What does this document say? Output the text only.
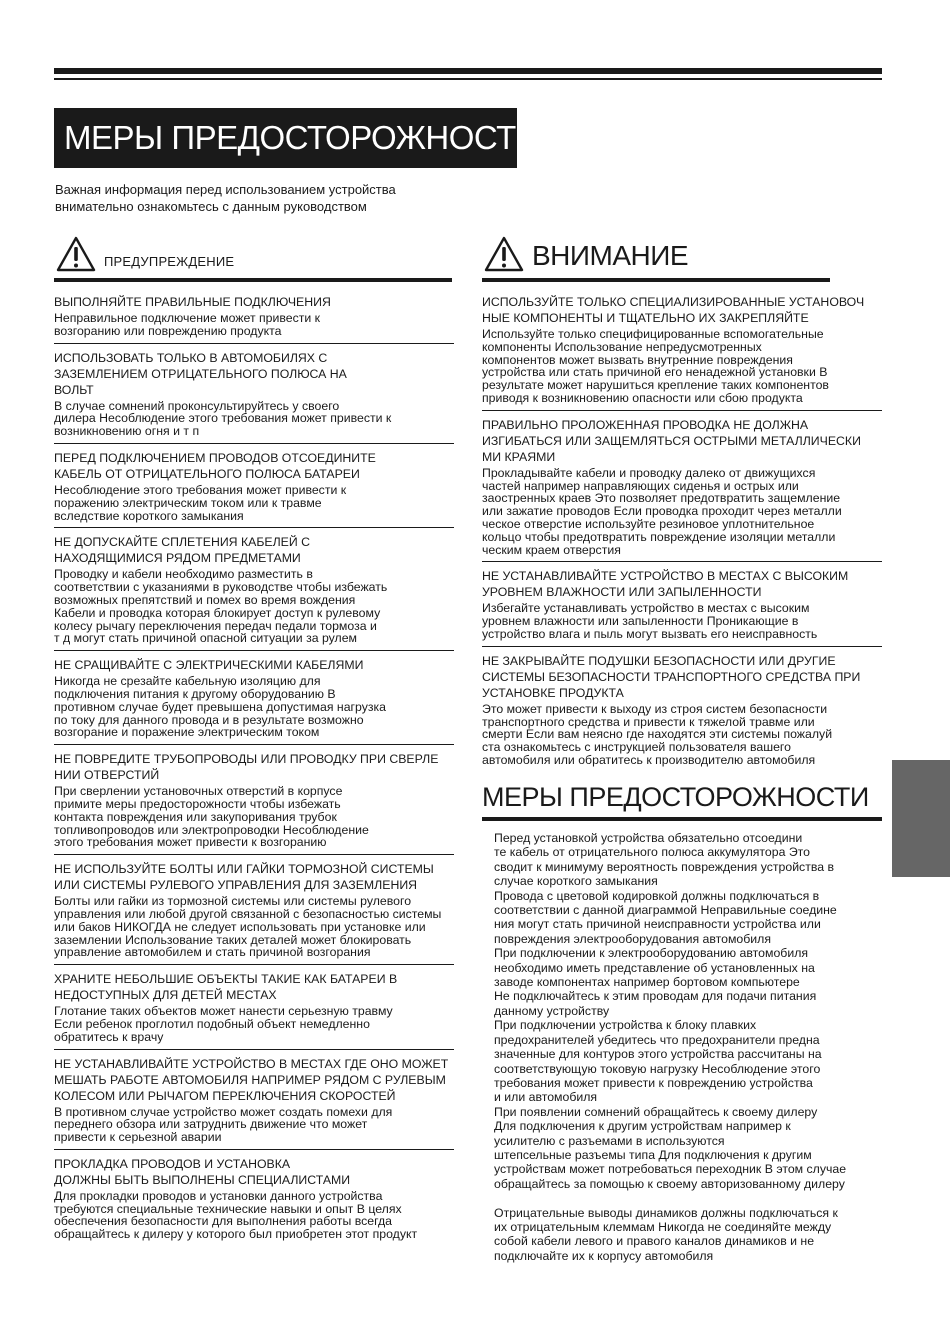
МЕРЫ ПРЕДОСТОРОЖНОСТИ
Важная информация перед использованием устройства
внимательно ознакомьтесь с данным руководством
ПРЕДУПРЕЖДЕНИЕ
ВЫПОЛНЯЙТЕ ПРАВИЛЬНЫЕ ПОДКЛЮЧЕНИЯ
Неправильное подключение может привести к
возгоранию или повреждению продукта
ИСПОЛЬЗОВАТЬ ТОЛЬКО В АВТОМОБИЛЯХ С
ЗАЗЕМЛЕНИЕМ ОТРИЦАТЕЛЬНОГО ПОЛЮСА НА
ВОЛЬТ
В случае сомнений проконсультируйтесь у своего
дилера Несоблюдение этого требования может привести к
возникновению огня и т п
ПЕРЕД ПОДКЛЮЧЕНИЕМ ПРОВОДОВ ОТСОЕДИНИТЕ
КАБЕЛЬ ОТ ОТРИЦАТЕЛЬНОГО ПОЛЮСА БАТАРЕИ
Несоблюдение этого требования может привести к
поражению электрическим током или к травме
вследствие короткого замыкания
НЕ ДОПУСКАЙТЕ СПЛЕТЕНИЯ КАБЕЛЕЙ С
НАХОДЯЩИМИСЯ РЯДОМ ПРЕДМЕТАМИ
Проводку и кабели необходимо разместить в
соответствии с указаниями в руководстве чтобы избежать
возможных препятствий и помех во время вождения
Кабели и проводка которая блокирует доступ к рулевому
колесу рычагу переключения передач педали тормоза и
т д могут стать причиной опасной ситуации за рулем
НЕ СРАЩИВАЙТЕ С ЭЛЕКТРИЧЕСКИМИ КАБЕЛЯМИ
Никогда не срезайте кабельную изоляцию для
подключения питания к другому оборудованию В
противном случае будет превышена допустимая нагрузка
по току для данного провода и в результате возможно
возгорание и поражение электрическим током
НЕ ПОВРЕДИТЕ ТРУБОПРОВОДЫ ИЛИ ПРОВОДКУ ПРИ СВЕРЛЕ
НИИ ОТВЕРСТИЙ
При сверлении установочных отверстий в корпусе
примите меры предосторожности чтобы избежать
контакта повреждения или закупоривания трубок
топливопроводов или электропроводки Несоблюдение
этого требования может привести к возгоранию
НЕ ИСПОЛЬЗУЙТЕ БОЛТЫ ИЛИ ГАЙКИ ТОРМОЗНОЙ СИСТЕМЫ
ИЛИ СИСТЕМЫ РУЛЕВОГО УПРАВЛЕНИЯ ДЛЯ ЗАЗЕМЛЕНИЯ
Болты или гайки из тормозной системы или системы рулевого
управления или любой другой связанной с безопасностью системы
или баков НИКОГДА не следует использовать при установке или
заземлении Использование таких деталей может блокировать
управление автомобилем и стать причиной возгорания
ХРАНИТЕ НЕБОЛЬШИЕ ОБЪЕКТЫ ТАКИЕ КАК БАТАРЕИ В
НЕДОСТУПНЫХ ДЛЯ ДЕТЕЙ МЕСТАХ
Глотание таких объектов может нанести серьезную травму
Если ребенок проглотил подобный объект немедленно
обратитесь к врачу
НЕ УСТАНАВЛИВАЙТЕ УСТРОЙСТВО В МЕСТАХ ГДЕ ОНО МОЖЕТ
МЕШАТЬ РАБОТЕ АВТОМОБИЛЯ НАПРИМЕР РЯДОМ С РУЛЕВЫМ
КОЛЕСОМ ИЛИ РЫЧАГОМ ПЕРЕКЛЮЧЕНИЯ СКОРОСТЕЙ
В противном случае устройство может создать помехи для
переднего обзора или затруднить движение что может
привести к серьезной аварии
ПРОКЛАДКА ПРОВОДОВ И УСТАНОВКА
ДОЛЖНЫ БЫТЬ ВЫПОЛНЕНЫ СПЕЦИАЛИСТАМИ
Для прокладки проводов и установки данного устройства
требуются специальные технические навыки и опыт В целях
обеспечения безопасности для выполнения работы всегда
обращайтесь к дилеру у которого был приобретен этот продукт
ВНИМАНИЕ
ИСПОЛЬЗУЙТЕ ТОЛЬКО СПЕЦИАЛИЗИРОВАННЫЕ УСТАНОВОЧ
НЫЕ КОМПОНЕНТЫ И ТЩАТЕЛЬНО ИХ ЗАКРЕПЛЯЙТЕ
Используйте только специфицированные вспомогательные
компоненты Использование непредусмотренных
компонентов может вызвать внутренние повреждения
устройства или стать причиной его ненадежной установки В
результате может нарушиться крепление таких компонентов
приводя к возникновению опасности или сбою продукта
ПРАВИЛЬНО ПРОЛОЖЕННАЯ ПРОВОДКА НЕ ДОЛЖНА
ИЗГИБАТЬСЯ ИЛИ ЗАЩЕМЛЯТЬСЯ ОСТРЫМИ МЕТАЛЛИЧЕСКИ
МИ КРАЯМИ
Прокладывайте кабели и проводку далеко от движущихся
частей например направляющих сиденья и острых или
заостренных краев Это позволяет предотвратить защемление
или зажатие проводов Если проводка проходит через металли
ческое отверстие используйте резиновое уплотнительное
кольцо чтобы предотвратить повреждение изоляции металли
ческим краем отверстия
НЕ УСТАНАВЛИВАЙТЕ УСТРОЙСТВО В МЕСТАХ С ВЫСОКИМ
УРОВНЕМ ВЛАЖНОСТИ ИЛИ ЗАПЫЛЕННОСТИ
Избегайте устанавливать устройство в местах с высоким
уровнем влажности или запыленности Проникающие в
устройство влага и пыль могут вызвать его неисправность
НЕ ЗАКРЫВАЙТЕ ПОДУШКИ БЕЗОПАСНОСТИ ИЛИ ДРУГИЕ
СИСТЕМЫ БЕЗОПАСНОСТИ ТРАНСПОРТНОГО СРЕДСТВА ПРИ
УСТАНОВКЕ ПРОДУКТА
Это может привести к выходу из строя систем безопасности
транспортного средства и привести к тяжелой травме или
смерти Если вам неясно где находятся эти системы пожалуй
ста ознакомьтесь с инструкцией пользователя вашего
автомобиля или обратитесь к производителю автомобиля
МЕРЫ ПРЕДОСТОРОЖНОСТИ
Перед установкой устройства обязательно отсоедини
те кабель от отрицательного полюса аккумулятора Это
сводит к минимуму вероятность повреждения устройства в
случае короткого замыкания
Провода с цветовой кодировкой должны подключаться в
соответствии с данной диаграммой Неправильные соедине
ния могут стать причиной неисправности устройства или
повреждения электрооборудования автомобиля
При подключении к электрооборудованию автомобиля
необходимо иметь представление об установленных на
заводе компонентах например бортовом компьютере
Не подключайтесь к этим проводам для подачи питания
данному устройству
При подключении устройства к блоку плавких
предохранителей убедитесь что предохранители предна
значенные для контуров этого устройства рассчитаны на
соответствующую токовую нагрузку Несоблюдение этого
требования может привести к повреждению устройства
и или автомобиля
При появлении сомнений обращайтесь к своему дилеру
Для подключения к другим устройствам например к
усилителю с разъемами в используются
штепсельные разъемы типа Для подключения к другим
устройствам может потребоваться переходник В этом случае
обращайтесь за помощью к своему авторизованному дилеру

Отрицательные выводы динамиков должны подключаться к
их отрицательным клеммам Никогда не соединяйте между
собой кабели левого и правого каналов динамиков и не
подключайте их к корпусу автомобиля
